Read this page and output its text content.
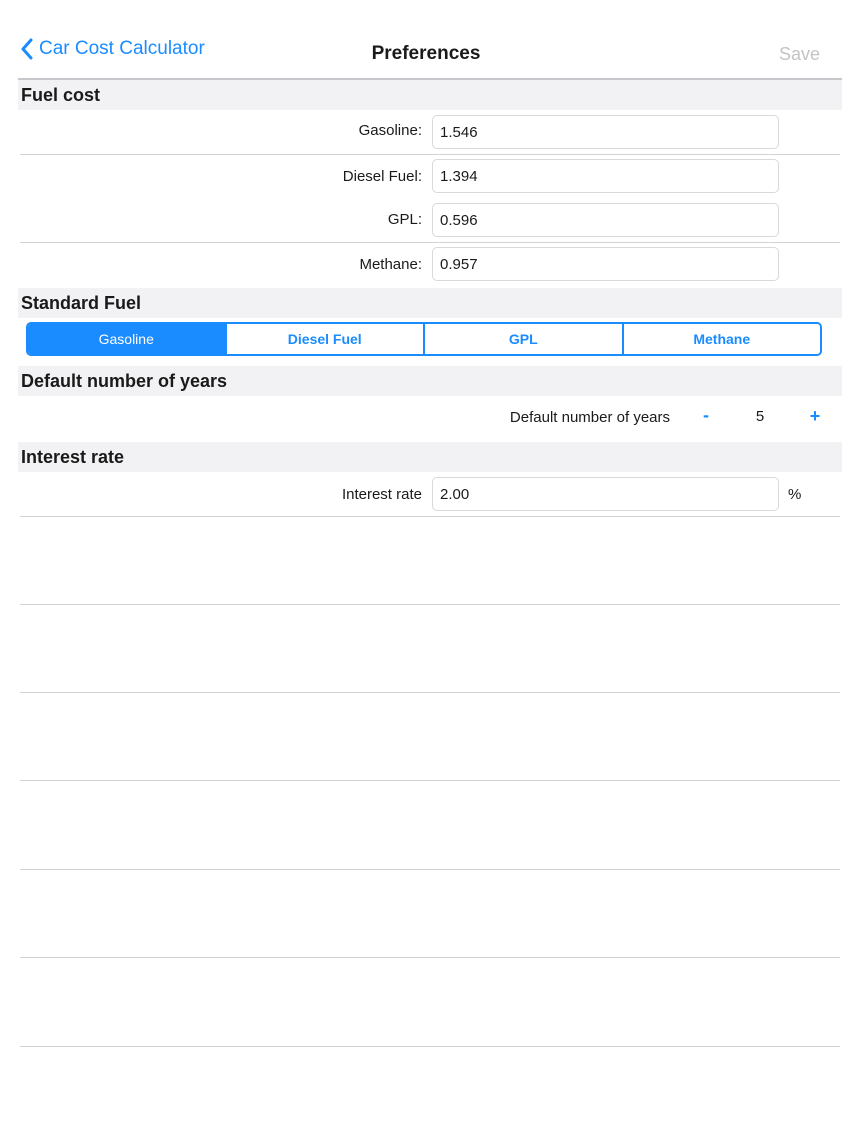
Car Cost Calculator	Preferences	Save
Fuel cost
Gasoline:
1.546
Diesel Fuel:
1.394
GPL:
0.596
Methane:
0.957
Standard Fuel
Gasoline	Diesel Fuel	GPL	Methane
Default number of years
Default number of years	-	5	+
Interest rate
Interest rate
2.00	%
